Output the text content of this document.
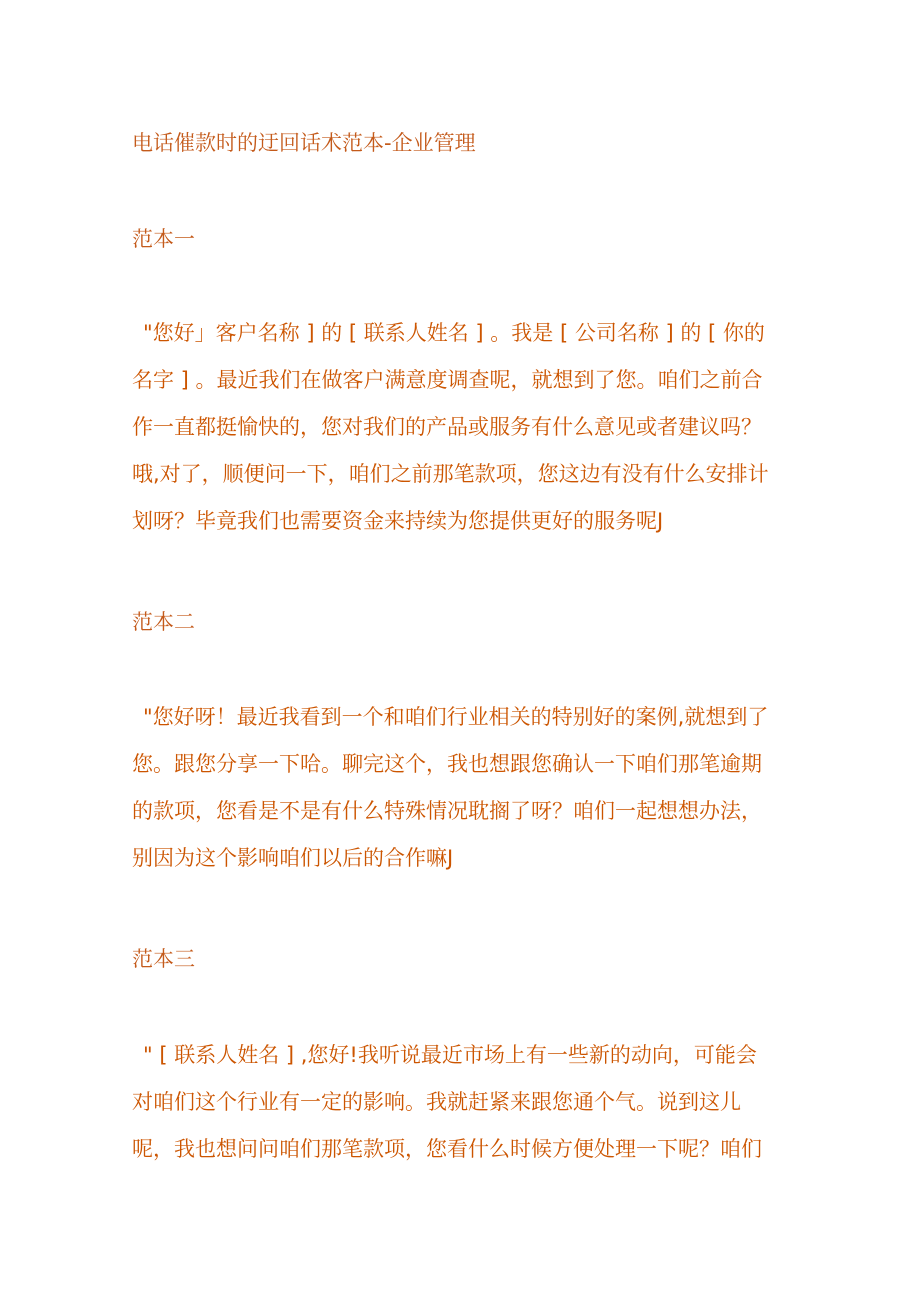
电话催款时的迂回话术范本-企业管理
范本一
"您好」客户名称 ] 的 [ 联系人姓名 ] 。我是 [ 公司名称 ] 的 [ 你的
名字 ] 。最近我们在做客户满意度调查呢，就想到了您。咱们之前合
作一直都挺愉快的，您对我们的产品或服务有什么意见或者建议吗？
哦,对了，顺便问一下，咱们之前那笔款项，您这边有没有什么安排计
划呀？毕竟我们也需要资金来持续为您提供更好的服务呢J
范本二
"您好呀！最近我看到一个和咱们行业相关的特别好的案例,就想到了
您。跟您分享一下哈。聊完这个，我也想跟您确认一下咱们那笔逾期
的款项，您看是不是有什么特殊情况耽搁了呀？咱们一起想想办法，
别因为这个影响咱们以后的合作嘛J
范本三
" [ 联系人姓名 ] ,您好!我听说最近市场上有一些新的动向，可能会
对咱们这个行业有一定的影响。我就赶紧来跟您通个气。说到这儿
呢，我也想问问咱们那笔款项，您看什么时候方便处理一下呢？咱们
